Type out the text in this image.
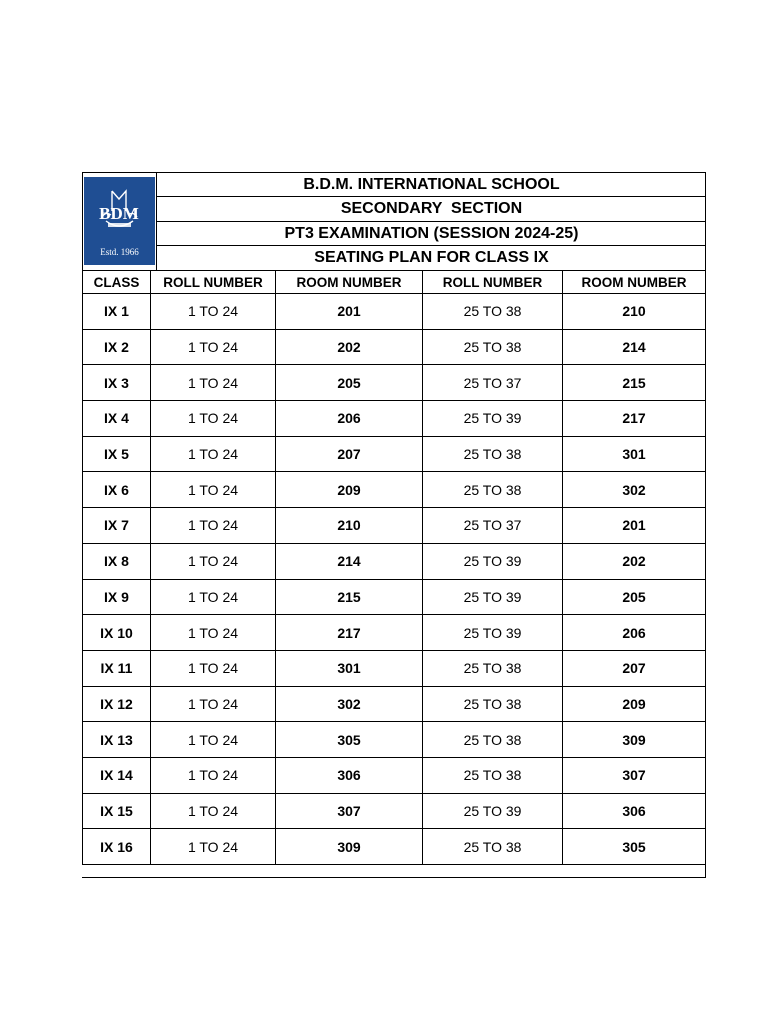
BDM
Estd. 1966
B.D.M. INTERNATIONAL SCHOOL
SECONDARY  SECTION
PT3 EXAMINATION (SESSION 2024-25)
SEATING PLAN FOR CLASS IX
CLASS	ROLL NUMBER	ROOM NUMBER	ROLL NUMBER	ROOM NUMBER
IX 1	1 TO 24	201	25 TO 38	210
IX 2	1 TO 24	202	25 TO 38	214
IX 3	1 TO 24	205	25 TO 37	215
IX 4	1 TO 24	206	25 TO 39	217
IX 5	1 TO 24	207	25 TO 38	301
IX 6	1 TO 24	209	25 TO 38	302
IX 7	1 TO 24	210	25 TO 37	201
IX 8	1 TO 24	214	25 TO 39	202
IX 9	1 TO 24	215	25 TO 39	205
IX 10	1 TO 24	217	25 TO 39	206
IX 11	1 TO 24	301	25 TO 38	207
IX 12	1 TO 24	302	25 TO 38	209
IX 13	1 TO 24	305	25 TO 38	309
IX 14	1 TO 24	306	25 TO 38	307
IX 15	1 TO 24	307	25 TO 39	306
IX 16	1 TO 24	309	25 TO 38	305
